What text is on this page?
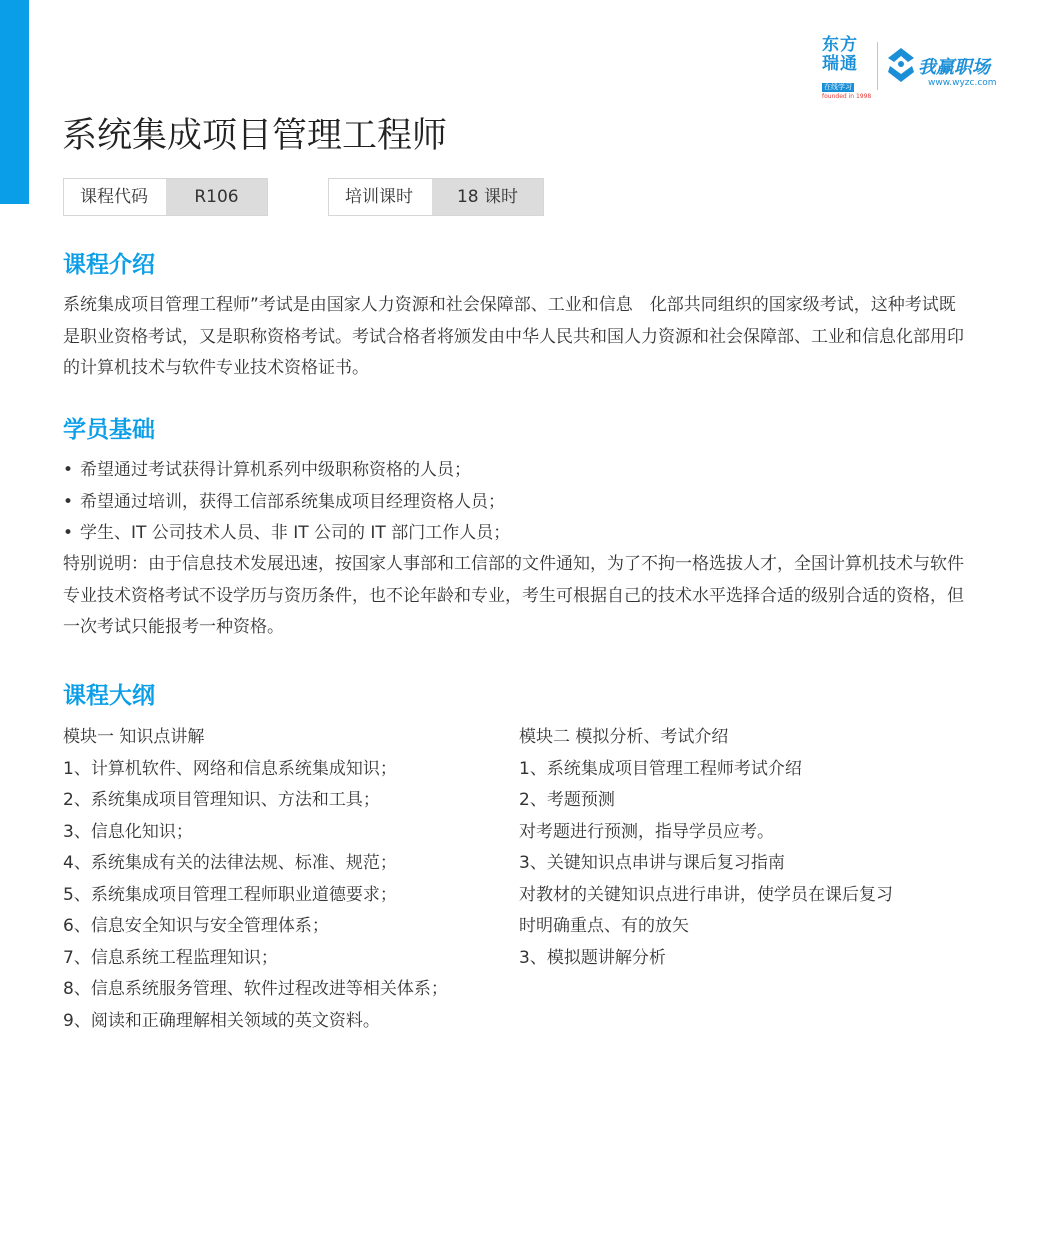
东方
瑞通
在线学习
founded in 1998
我赢职场
www.wyzc.com
系统集成项目管理工程师
课程代码	R106	培训课时	18 课时
课程介绍

系统集成项目管理工程师”考试是由国家人力资源和社会保障部、工业和信息　化部共同组织的国家级考试，这种考试既是职业资格考试，又是职称资格考试。考试合格者将颁发由中华人民共和国人力资源和社会保障部、工业和信息化部用印的计算机技术与软件专业技术资格证书。

学员基础
• 希望通过考试获得计算机系列中级职称资格的人员；
• 希望通过培训，获得工信部系统集成项目经理资格人员；
• 学生、IT 公司技术人员、非 IT 公司的 IT 部门工作人员；

特别说明：由于信息技术发展迅速，按国家人事部和工信部的文件通知，为了不拘一格选拔人才，全国计算机技术与软件专业技术资格考试不设学历与资历条件，也不论年龄和专业，考生可根据自己的技术水平选择合适的级别合适的资格，但一次考试只能报考一种资格。

课程大纲
模块一 知识点讲解
1、计算机软件、网络和信息系统集成知识；
2、系统集成项目管理知识、方法和工具；
3、信息化知识；
4、系统集成有关的法律法规、标准、规范；
5、系统集成项目管理工程师职业道德要求；
6、信息安全知识与安全管理体系；
7、信息系统工程监理知识；
8、信息系统服务管理、软件过程改进等相关体系；
9、阅读和正确理解相关领域的英文资料。
模块二 模拟分析、考试介绍
1、系统集成项目管理工程师考试介绍
2、考题预测
对考题进行预测，指导学员应考。
3、关键知识点串讲与课后复习指南
对教材的关键知识点进行串讲，使学员在课后复习
时明确重点、有的放矢
3、模拟题讲解分析
